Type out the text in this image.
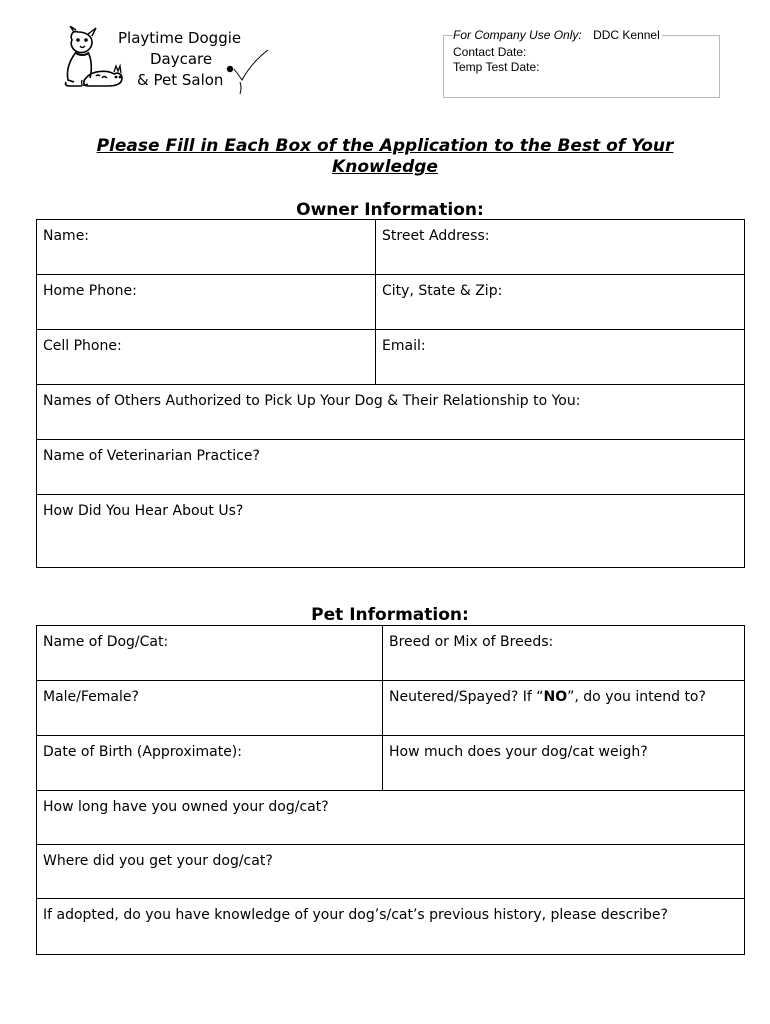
Playtime Doggie
Daycare
& Pet Salon
For Company Use Only: DDC Kennel
Contact Date:
Temp Test Date:
Please Fill in Each Box of the Application to the Best of Your
Knowledge
Owner Information:
Name:	Street Address:
Home Phone:	City, State & Zip:
Cell Phone:	Email:
Names of Others Authorized to Pick Up Your Dog & Their Relationship to You:	
Name of Veterinarian Practice?	
How Did You Hear About Us?	
Pet Information:
Name of Dog/Cat:	Breed or Mix of Breeds:
Male/Female?	Neutered/Spayed? If “NO”, do you intend to?
Date of Birth (Approximate):	How much does your dog/cat weigh?
How long have you owned your dog/cat?	
Where did you get your dog/cat?	
If adopted, do you have knowledge of your dog’s/cat’s previous history, please describe?	
